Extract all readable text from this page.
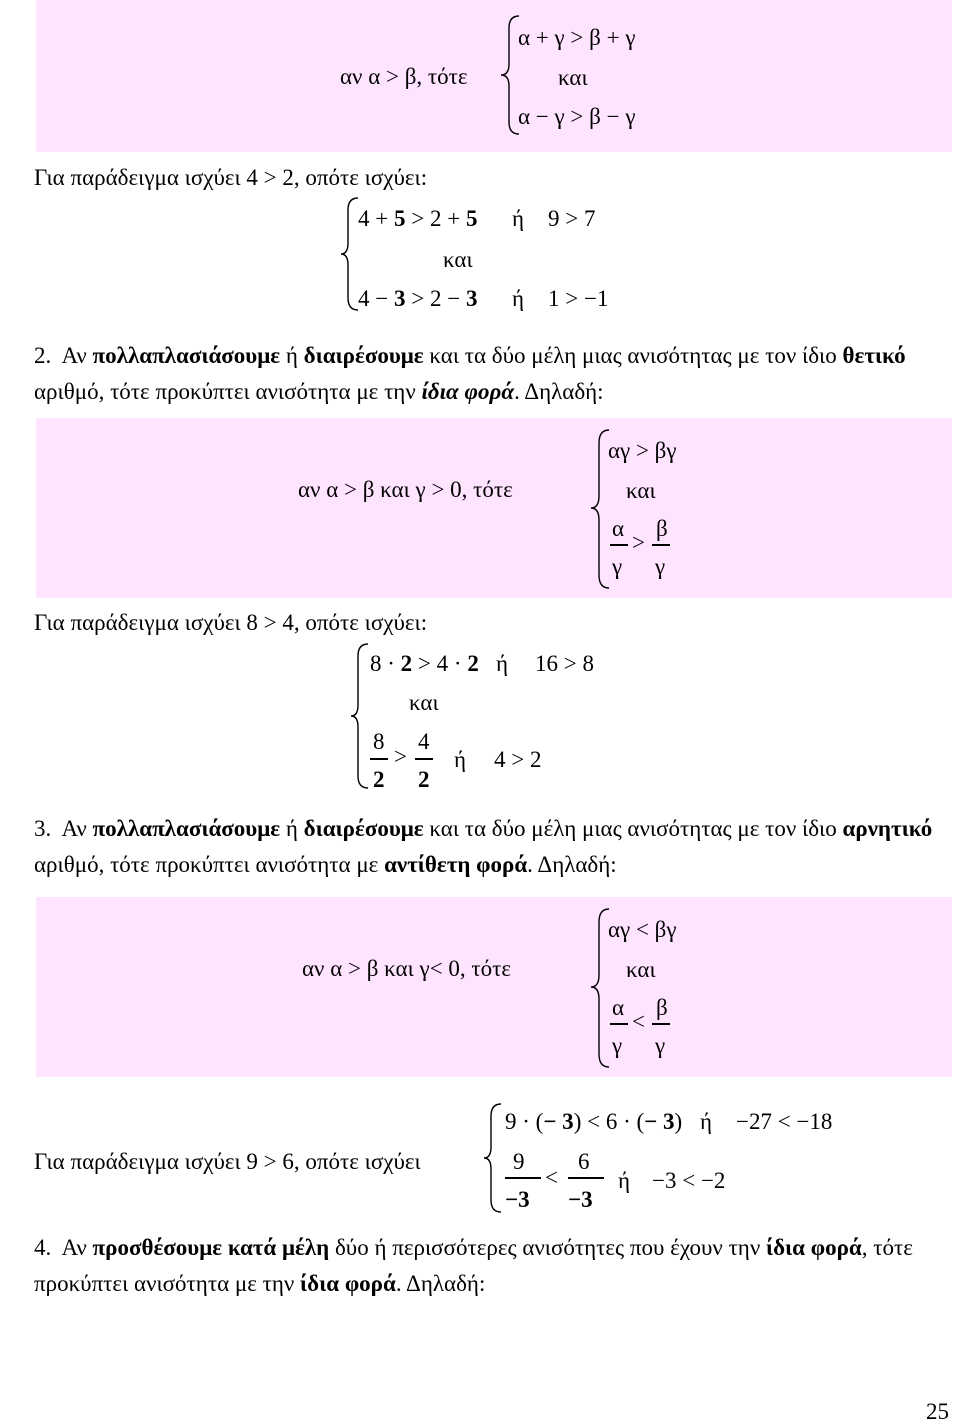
αν α > β, τότε
α + γ > β + γ
και
α − γ > β − γ
Για παράδειγμα ισχύει 4 > 2, οπότε ισχύει:
4 + 5 > 2 + 5 ή 9 > 7
και
4 − 3 > 2 − 3 ή 1 > −1
2. Αν πολλαπλασιάσουμε ή διαιρέσουμε και τα δύο μέλη μιας ανισότητας με τον ίδιο θετικό αριθμό, τότε προκύπτει ανισότητα με την ίδια φορά. Δηλαδή:
αν α > β και γ > 0, τότε
αγ > βγ
και
α
γ
>
β
γ
Για παράδειγμα ισχύει 8 > 4, οπότε ισχύει:
8 · 2 > 4 · 2 ή 16 > 8
και
8
2
>
4
2
ή 4 > 2
3. Αν πολλαπλασιάσουμε ή διαιρέσουμε και τα δύο μέλη μιας ανισότητας με τον ίδιο αρνητικό αριθμό, τότε προκύπτει ανισότητα με αντίθετη φορά. Δηλαδή:
αν α > β και γ< 0, τότε
αγ < βγ
και
α
γ
<
β
γ
Για παράδειγμα ισχύει 9 > 6, οπότε ισχύει
9 · (− 3) < 6 · (− 3) ή −27 < −18
9
−3
<
6
−3
ή −3 < −2
4. Αν προσθέσουμε κατά μέλη δύο ή περισσότερες ανισότητες που έχουν την ίδια φορά, τότε προκύπτει ανισότητα με την ίδια φορά. Δηλαδή:
25
